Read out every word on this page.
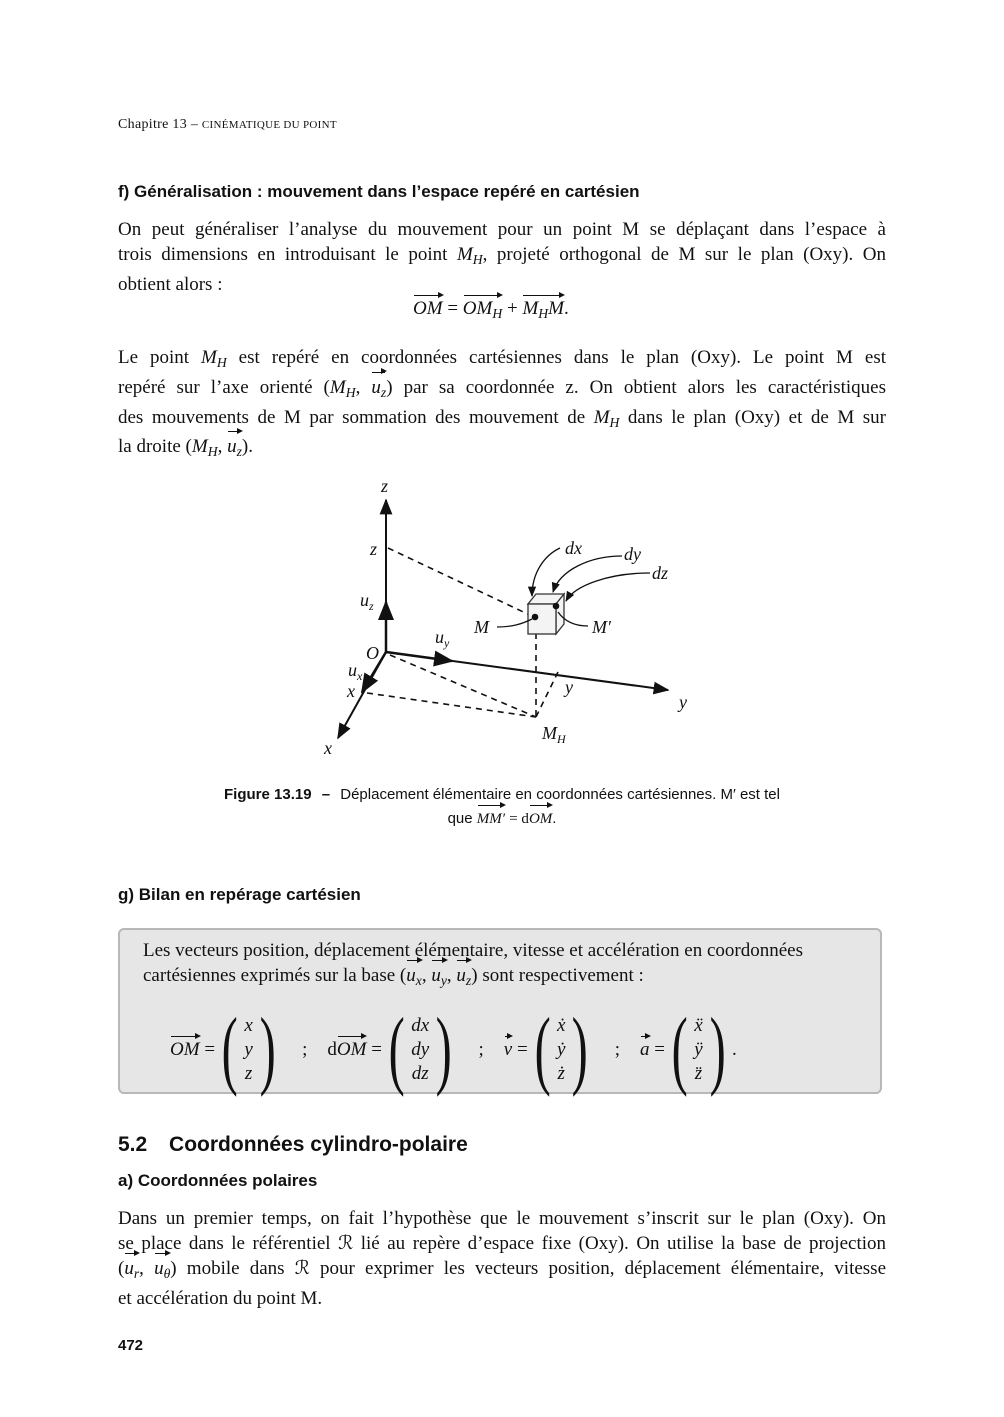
Chapitre 13 – CINÉMATIQUE DU POINT
f) Généralisation : mouvement dans l’espace repéré en cartésien
On peut généraliser l’analyse du mouvement pour un point M se déplaçant dans l’espace à
trois dimensions en introduisant le point $M_H$, projeté orthogonal de M sur le plan (Oxy). On
obtient alors :
OM = $OM_H + M_HM$.
Le point $M_H$ est repéré en coordonnées cartésiennes dans le plan (Oxy). Le point M est
repéré sur l’axe orienté ($M_H$, $u_z$) par sa coordonnée z. On obtient alors les caractéristiques
des mouvements de M par sommation des mouvement de $M_H$ dans le plan (Oxy) et de M sur
la droite ($M_H$, $u_z$).
z
z
$u_z$
$u_y$
$u_x$
O
x
x
y
y
M	M′
$M_H$
dx dy
dz
Figure 13.19 – Déplacement élémentaire en coordonnées cartésiennes. M′ est tel
que MM′ = dOM.
g) Bilan en repérage cartésien
Les vecteurs position, déplacement élémentaire, vitesse et accélération en coordonnées
cartésiennes exprimés sur la base ($u_x$, $u_y$, $u_z$) sont respectivement :
OM
= ( x
y
z ) ; d OM
= ( dx
dy
dz ) ; v
= ( ẋ
ẏ
ż ) ; a
= ( ẍ
ÿ
z̈ ) .
5.2 Coordonnées cylindro-polaire
a) Coordonnées polaires
Dans un premier temps, on fait l’hypothèse que le mouvement s’inscrit sur le plan (Oxy). On
se place dans le référentiel ℛ lié au repère d’espace fixe (Oxy). On utilise la base de projection
($u_r$, $u_\theta$) mobile dans ℛ pour exprimer les vecteurs position, déplacement élémentaire, vitesse
et accélération du point M.
472
